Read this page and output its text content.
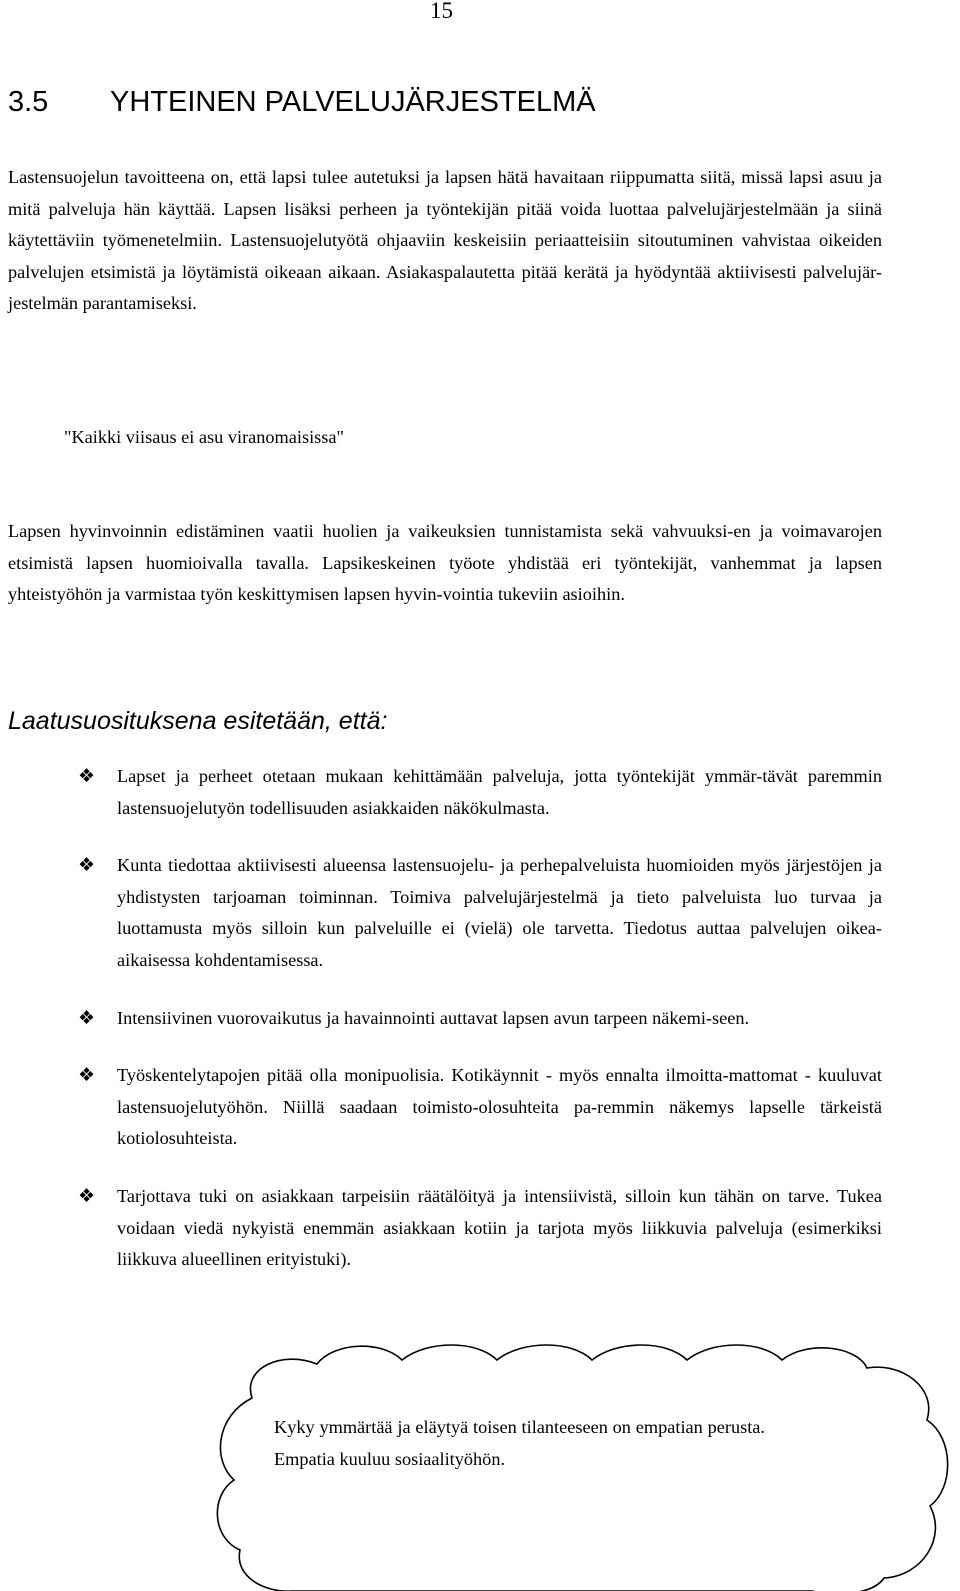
15
3.5 YHTEINEN PALVELUJÄRJESTELMÄ

Lastensuojelun tavoitteena on, että lapsi tulee autetuksi ja lapsen hätä havaitaan riippumatta siitä, missä lapsi asuu ja mitä palveluja hän käyttää. Lapsen lisäksi perheen ja työntekijän pitää voida luottaa palvelujärjestelmään ja siinä käytettäviin työmenetelmiin. Lastensuojelutyötä ohjaaviin keskeisiin periaatteisiin sitoutuminen vahvistaa oikeiden palvelujen etsimistä ja löytämistä oikeaan aikaan. Asiakaspalautetta pitää kerätä ja hyödyntää aktiivisesti palvelujär-jestelmän parantamiseksi.

"Kaikki viisaus ei asu viranomaisissa"

Lapsen hyvinvoinnin edistäminen vaatii huolien ja vaikeuksien tunnistamista sekä vahvuuksi-en ja voimavarojen etsimistä lapsen huomioivalla tavalla. Lapsikeskeinen työote yhdistää eri työntekijät, vanhemmat ja lapsen yhteistyöhön ja varmistaa työn keskittymisen lapsen hyvin-vointia tukeviin asioihin.

Laatusuosituksena esitetään, että:
❖ Lapset ja perheet otetaan mukaan kehittämään palveluja, jotta työntekijät ymmär-tävät paremmin lastensuojelutyön todellisuuden asiakkaiden näkökulmasta.
❖ Kunta tiedottaa aktiivisesti alueensa lastensuojelu- ja perhepalveluista huomioiden myös järjestöjen ja yhdistysten tarjoaman toiminnan. Toimiva palvelujärjestelmä ja tieto palveluista luo turvaa ja luottamusta myös silloin kun palveluille ei (vielä) ole tarvetta. Tiedotus auttaa palvelujen oikea-aikaisessa kohdentamisessa.
❖ Intensiivinen vuorovaikutus ja havainnointi auttavat lapsen avun tarpeen näkemi-seen.
❖ Työskentelytapojen pitää olla monipuolisia. Kotikäynnit - myös ennalta ilmoitta-mattomat - kuuluvat lastensuojelutyöhön. Niillä saadaan toimisto-olosuhteita pa-remmin näkemys lapselle tärkeistä kotiolosuhteista.
❖ Tarjottava tuki on asiakkaan tarpeisiin räätälöityä ja intensiivistä, silloin kun tähän on tarve. Tukea voidaan viedä nykyistä enemmän asiakkaan kotiin ja tarjota myös liikkuvia palveluja (esimerkiksi liikkuva alueellinen erityistuki).

Kyky ymmärtää ja eläytyä toisen tilanteeseen on empatian perusta. Empatia kuuluu sosiaalityöhön.
